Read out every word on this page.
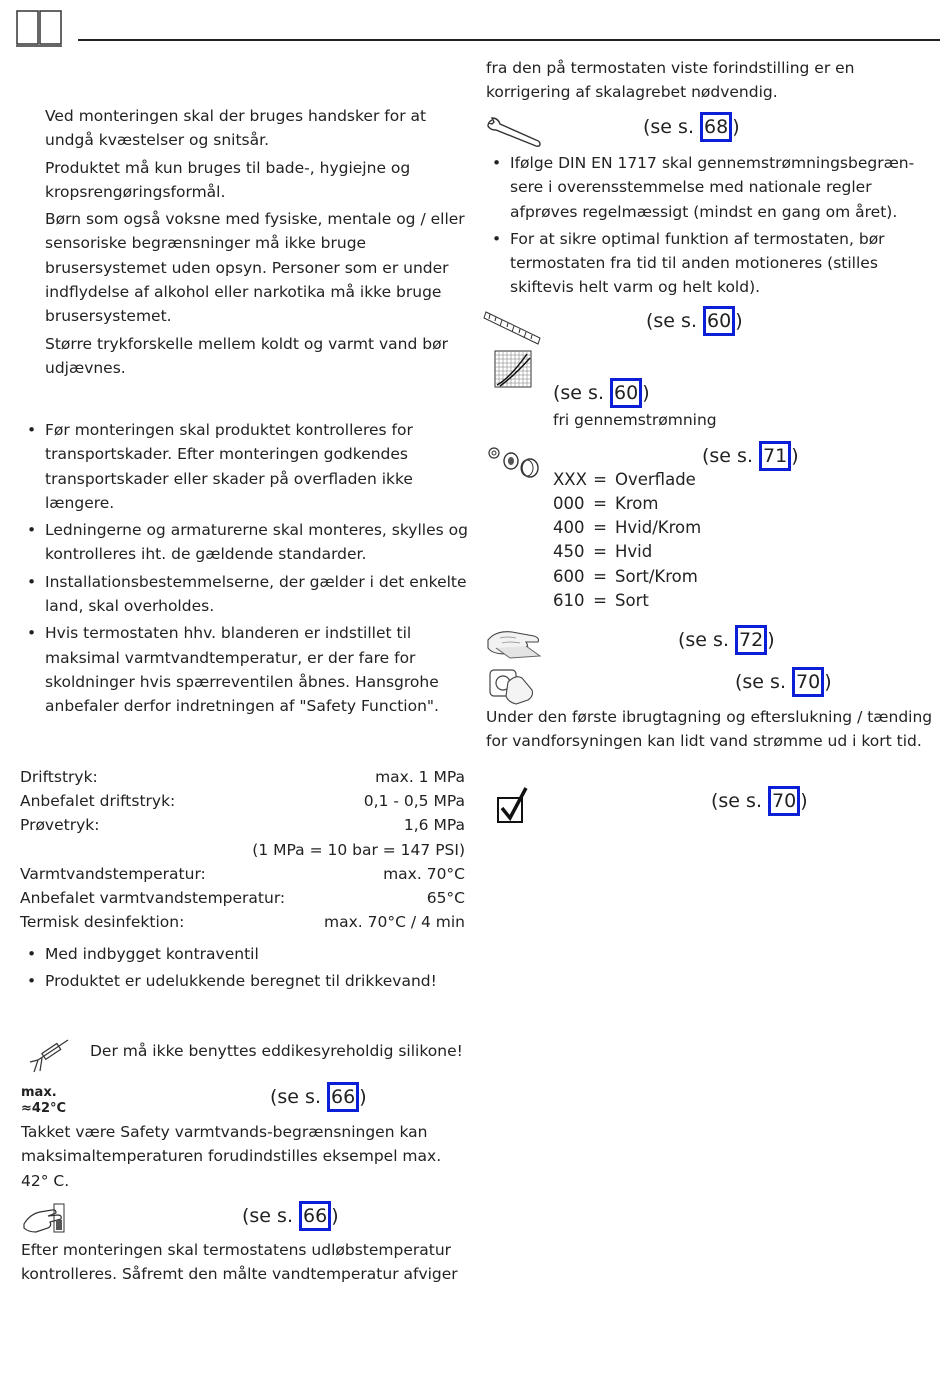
Ved monteringen skal der bruges handsker for at undgå kvæstelser og snitsår.

Produktet må kun bruges til bade-, hygiejne og kropsrengøringsformål.

Børn som også voksne med fysiske, mentale og / eller sensoriske begrænsninger må ikke bruge brusersystemet uden opsyn. Personer som er under indflydelse af alkohol eller narkotika må ikke bruge brusersystemet.

Større trykforskelle mellem koldt og varmt vand bør udjævnes.

• Før monteringen skal produktet kontrolleres for transportskader. Efter monteringen godkendes transportskader eller skader på overfladen ikke længere.
• Ledningerne og armaturerne skal monteres, skylles og kontrolleres iht. de gældende standarder.
• Installationsbestemmelserne, der gælder i det enkelte land, skal overholdes.
• Hvis termostaten hhv. blanderen er indstillet til maksimal varmtvandtemperatur, er der fare for skoldninger hvis spærreventilen åbnes. Hansgrohe anbefaler derfor indretningen af "Safety Function".
Driftstryk:	max. 1 MPa
Anbefalet driftstryk:	0,1 - 0,5 MPa
Prøvetryk:	1,6 MPa
(1 MPa = 10 bar = 147 PSI)
Varmtvandstemperatur:	max. 70°C
Anbefalet varmtvandstemperatur:	65°C
Termisk desinfektion:	max. 70°C / 4 min
• Med indbygget kontraventil
• Produktet er udelukkende beregnet til drikkevand!
Der må ikke benyttes eddikesyreholdig silikone!
max.
≈42°C
(se s. 66 )
Takket være Safety varmtvands-begrænsningen kan maksimaltemperaturen forudindstilles eksempel max. 42° C.
(se s. 66 )
Efter monteringen skal termostatens udløbstemperatur kontrolleres. Såfremt den målte vandtemperatur afviger
fra den på termostaten viste forindstilling er en korrigering af skalagrebet nødvendig.
(se s. 68 )
• Ifølge DIN EN 1717 skal gennemstrømningsbegræn-sere i overensstemmelse med nationale regler afprøves regelmæssigt (mindst en gang om året).
• For at sikre optimal funktion af termostaten, bør termostaten fra tid til anden motioneres (stilles skiftevis helt varm og helt kold).
(se s. 60 )
(se s. 60 )
fri gennemstrømning
(se s. 71 )
XXX = Overflade
000 = Krom
400 = Hvid/Krom
450 = Hvid
600 = Sort/Krom
610 = Sort
(se s. 72 )
(se s. 70 )
Under den første ibrugtagning og efterslukning / tænding for vandforsyningen kan lidt vand strømme ud i kort tid.
(se s. 70 )
